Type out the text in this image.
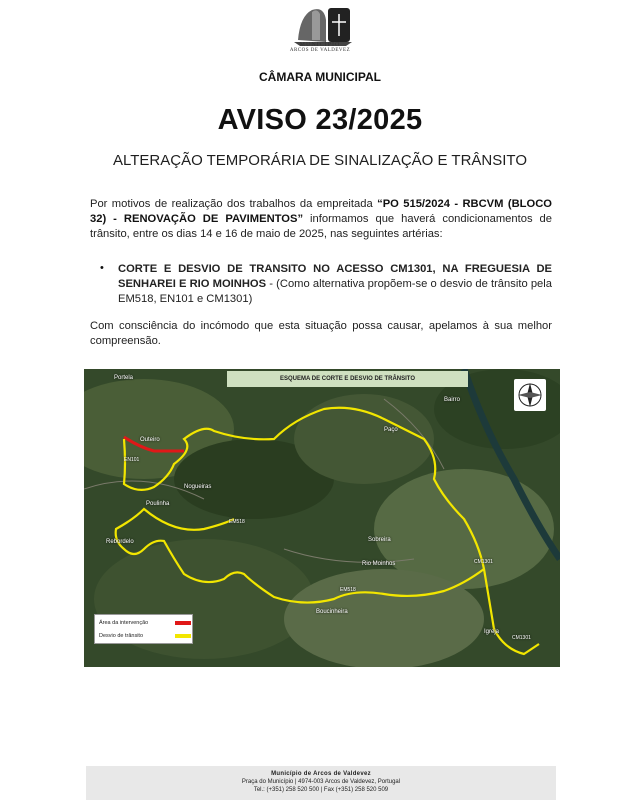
MUNICÍPIO
ARCOS DE VALDEVEZ
CÂMARA MUNICIPAL
AVISO 23/2025
ALTERAÇÃO TEMPORÁRIA DE SINALIZAÇÃO E TRÂNSITO
Por motivos de realização dos trabalhos da empreitada “PO 515/2024 - RBCVM (BLOCO 32) - RENOVAÇÃO DE PAVIMENTOS” informamos que haverá condicionamentos de trânsito, entre os dias 14 e 16 de maio de 2025, nas seguintes artérias:
• CORTE E DESVIO DE TRANSITO NO ACESSO CM1301, NA FREGUESIA DE SENHAREI E RIO MOINHOS - (Como alternativa propõem-se o desvio de trânsito pela EM518, EN101 e CM1301)
Com consciência do incómodo que esta situação possa causar, apelamos à sua melhor compreensão.
Portela
Outeiro
Nogueiras
Poulinha
Rebordelo
Boucinheira
Sobreira
Paço
Rio Moinhos
Igreja
Bairro
EN101
EM518
CM1301
EM518
CM1301
ESQUEMA DE CORTE E DESVIO DE TRÂNSITO
Área da intervenção
Desvio de trânsito
Município de Arcos de Valdevez
Praça do Município | 4974-003 Arcos de Valdevez, Portugal
Tel.: (+351) 258 520 500 | Fax (+351) 258 520 509
